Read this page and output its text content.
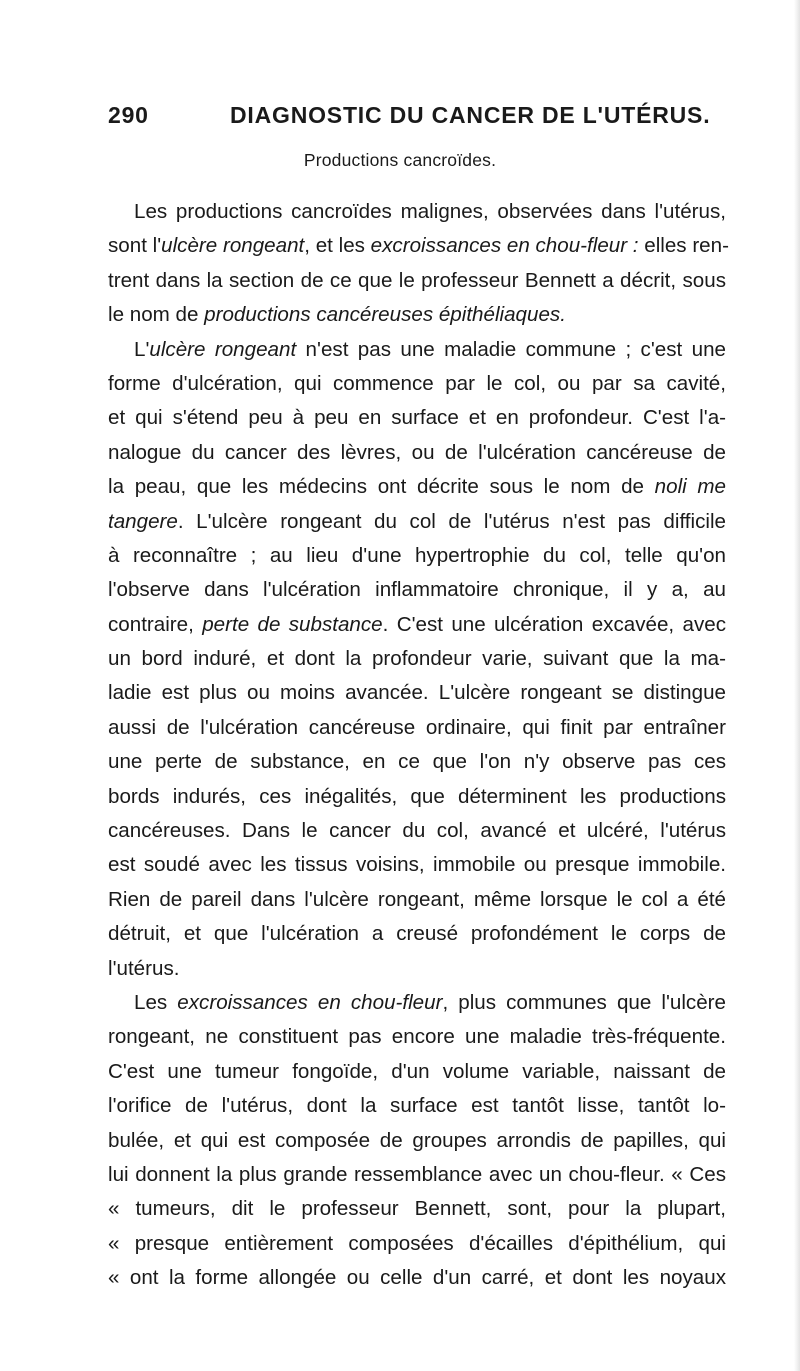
290	DIAGNOSTIC DU CANCER DE L'UTÉRUS.
Productions cancroïdes.
Les productions cancroïdes malignes, observées dans l'utérus,
sont l'ulcère rongeant, et les excroissances en chou-fleur : elles ren-
trent dans la section de ce que le professeur Bennett a décrit, sous
le nom de productions cancéreuses épithéliaques.
L'ulcère rongeant n'est pas une maladie commune ; c'est une
forme d'ulcération, qui commence par le col, ou par sa cavité,
et qui s'étend peu à peu en surface et en profondeur. C'est l'a-
nalogue du cancer des lèvres, ou de l'ulcération cancéreuse de
la peau, que les médecins ont décrite sous le nom de noli me
tangere. L'ulcère rongeant du col de l'utérus n'est pas difficile
à reconnaître ; au lieu d'une hypertrophie du col, telle qu'on
l'observe dans l'ulcération inflammatoire chronique, il y a, au
contraire, perte de substance. C'est une ulcération excavée, avec
un bord induré, et dont la profondeur varie, suivant que la ma-
ladie est plus ou moins avancée. L'ulcère rongeant se distingue
aussi de l'ulcération cancéreuse ordinaire, qui finit par entraîner
une perte de substance, en ce que l'on n'y observe pas ces
bords indurés, ces inégalités, que déterminent les productions
cancéreuses. Dans le cancer du col, avancé et ulcéré, l'utérus
est soudé avec les tissus voisins, immobile ou presque immobile.
Rien de pareil dans l'ulcère rongeant, même lorsque le col a été
détruit, et que l'ulcération a creusé profondément le corps de
l'utérus.
Les excroissances en chou-fleur, plus communes que l'ulcère
rongeant, ne constituent pas encore une maladie très-fréquente.
C'est une tumeur fongoïde, d'un volume variable, naissant de
l'orifice de l'utérus, dont la surface est tantôt lisse, tantôt lo-
bulée, et qui est composée de groupes arrondis de papilles, qui
lui donnent la plus grande ressemblance avec un chou-fleur. « Ces
« tumeurs, dit le professeur Bennett, sont, pour la plupart,
« presque entièrement composées d'écailles d'épithélium, qui
« ont la forme allongée ou celle d'un carré, et dont les noyaux
